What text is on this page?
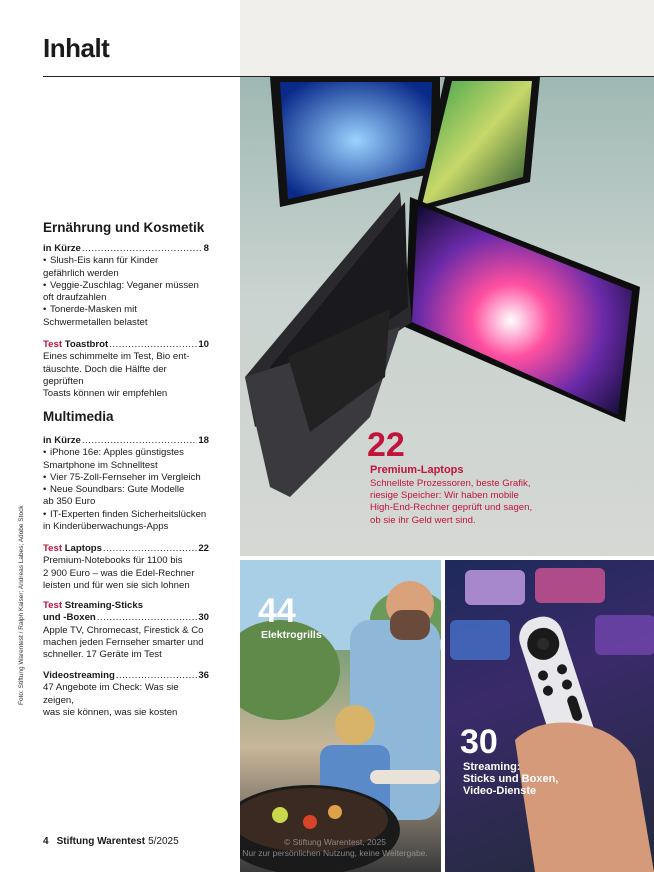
Inhalt
Ernährung und Kosmetik
in Kürze .....	8
• Slush-Eis kann für Kinder
gefährlich werden
• Veggie-Zuschlag: Veganer müssen
oft draufzahlen
• Tonerde-Masken mit
Schwermetallen belastet
Test Toastbrot .....	10
Eines schimmelte im Test, Bio ent-
täuschte. Doch die Hälfte der geprüften
Toasts können wir empfehlen
Multimedia
in Kürze .....	18
• iPhone 16e: Apples günstigstes
Smartphone im Schnelltest
• Vier 75-Zoll-Fernseher im Vergleich
• Neue Soundbars: Gute Modelle
ab 350 Euro
• IT-Experten finden Sicherheitslücken
in Kinderüberwachungs-Apps
Test Laptops .....	22
Premium-Notebooks für 1100 bis
2 900 Euro – was die Edel-Rechner
leisten und für wen sie sich lohnen
Test Streaming-Sticks
und -Boxen .....	30
Apple TV, Chromecast, Firestick & Co
machen jeden Fernseher smarter und
schneller. 17 Geräte im Test
Videostreaming .....	36
47 Angebote im Check: Was sie zeigen,
was sie können, was sie kosten
Foto: Stiftung Warentest / Ralph Kaiser; Andreas Labes; Adobe Stock
4 Stiftung Warentest 5/2025
22
Premium-Laptops
Schnellste Prozessoren, beste Grafik,
riesige Speicher: Wir haben mobile
High-End-Rechner geprüft und sagen,
ob sie ihr Geld wert sind.
44
Elektrogrills
30
Streaming:
Sticks und Boxen,
Video-Dienste
© Stiftung Warentest, 2025
Nur zur persönlichen Nutzung, keine Weitergabe.
